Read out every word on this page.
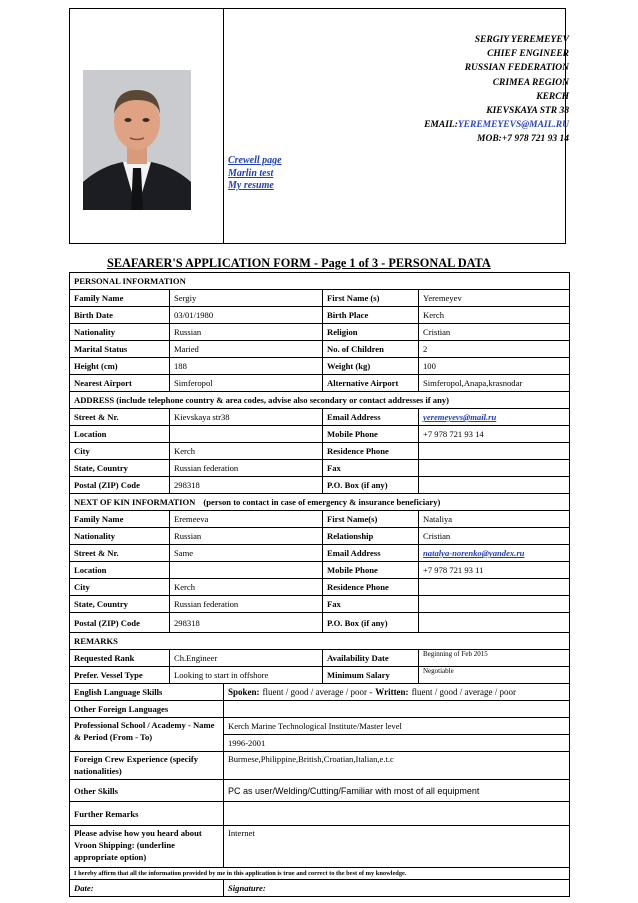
Crewell page
Marlin test
My resume
SERGIY YEREMEYEV
CHIEF ENGINEER
RUSSIAN FEDERATION
CRIMEA REGION
KERCH
KIEVSKAYA STR 38
EMAIL:YEREMEYEVS@MAIL.RU
MOB:+7 978 721 93 14
SEAFARER'S APPLICATION FORM - Page 1 of 3 - PERSONAL DATA
PERSONAL INFORMATION				
Family Name	Sergiy		First Name (s)	Yeremeyev
Birth Date	03/01/1980		Birth Place	Kerch
Nationality	Russian		Religion	Cristian
Marital Status	Maried		No. of Children	2
Height (cm)	188		Weight (kg)	100
Nearest Airport	Simferopol		Alternative Airport	Simferopol,Anapa,krasnodar
ADDRESS (include telephone country & area codes, advise also secondary or contact addresses if any)				
Street & Nr.	Kievskaya str38		Email Address	yeremeyevs@mail.ru
Location			Mobile Phone	+7 978 721 93 14
City	Kerch		Residence Phone	
State, Country	Russian federation		Fax	
Postal (ZIP) Code	298318		P.O. Box (if any)	
NEXT OF KIN INFORMATION (person to contact in case of emergency & insurance beneficiary)				
Family Name	Eremeeva		First Name(s)	Nataliya
Nationality	Russian		Relationship	Cristian
Street & Nr.	Same		Email Address	natalya-norenko@yandex.ru
Location			Mobile Phone	+7 978 721 93 11
City	Kerch		Residence Phone	
State, Country	Russian federation		Fax	
Postal (ZIP) Code	298318		P.O. Box (if any)	
REMARKS				
Requested Rank	Ch.Engineer		Availability Date	Beginning of Feb 2015
Prefer. Vessel Type	Looking to start in offshore		Minimum Salary	Negotiable
English Language Skills		Spoken: fluent / good / average / poor - Written: fluent / good / average / poor		
Other Foreign Languages				
Professional School / Academy - Name & Period (From - To)		Kerch Marine Technological Institute/Master level		
		1996-2001		
Foreign Crew Experience (specify nationalities)		Burmese,Philippine,British,Croatian,Italian,e.t.c		
Other Skills		PC as user/Welding/Cutting/Familiar with most of all equipment		
Further Remarks				
Please advise how you heard about Vroon Shipping: (underline appropriate option)		Internet		
I hereby affirm that all the information provided by me in this application is true and correct to the best of my knowledge.				
Date:		Signature:		
